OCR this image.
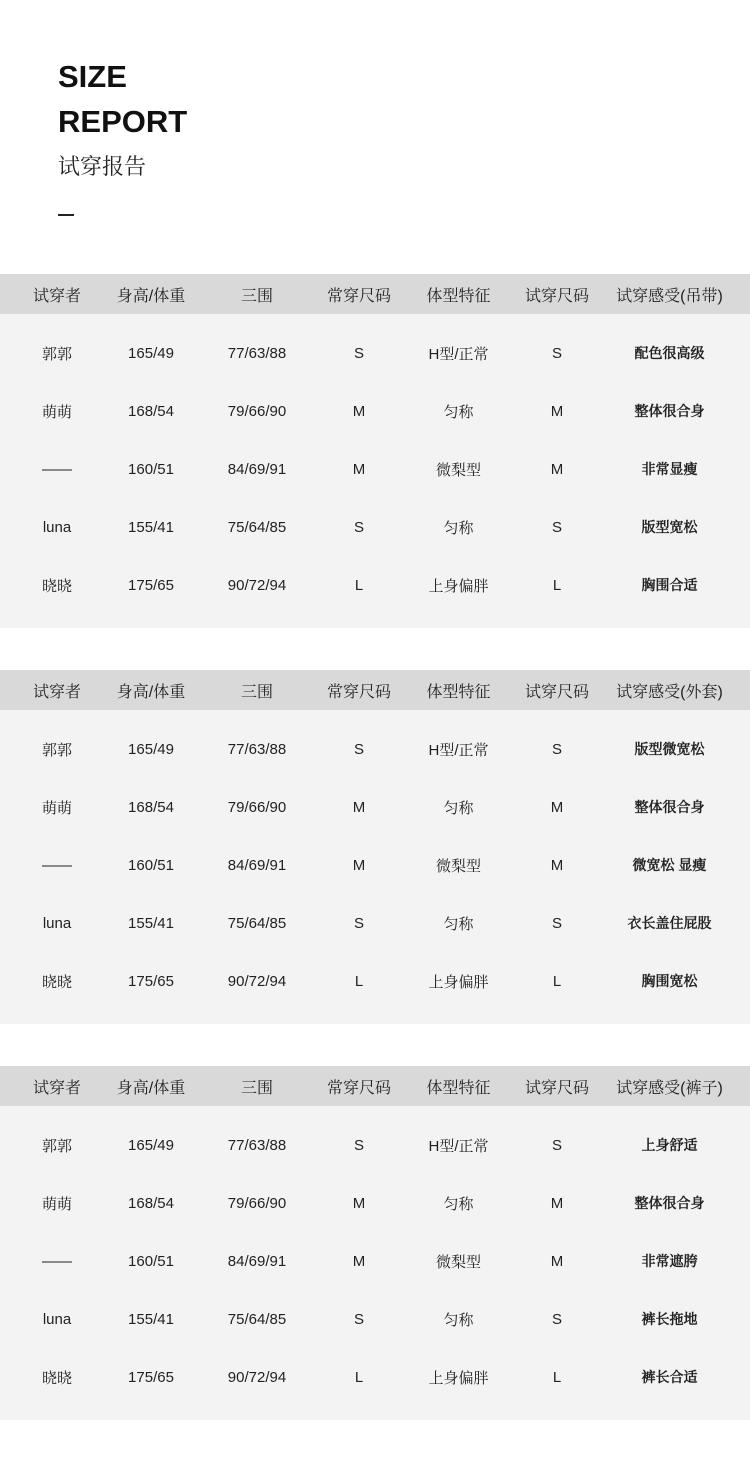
SIZE
REPORT
试穿报告
试穿者	身高/体重	三围	常穿尺码	体型特征	试穿尺码	试穿感受(吊带)
郭郭	165/49	77/63/88	S	H型/正常	S	配色很高级
萌萌	168/54	79/66/90	M	匀称	M	整体很合身
——	160/51	84/69/91	M	微梨型	M	非常显瘦
luna	155/41	75/64/85	S	匀称	S	版型宽松
晓晓	175/65	90/72/94	L	上身偏胖	L	胸围合适
试穿者	身高/体重	三围	常穿尺码	体型特征	试穿尺码	试穿感受(外套)
郭郭	165/49	77/63/88	S	H型/正常	S	版型微宽松
萌萌	168/54	79/66/90	M	匀称	M	整体很合身
——	160/51	84/69/91	M	微梨型	M	微宽松 显瘦
luna	155/41	75/64/85	S	匀称	S	衣长盖住屁股
晓晓	175/65	90/72/94	L	上身偏胖	L	胸围宽松
试穿者	身高/体重	三围	常穿尺码	体型特征	试穿尺码	试穿感受(裤子)
郭郭	165/49	77/63/88	S	H型/正常	S	上身舒适
萌萌	168/54	79/66/90	M	匀称	M	整体很合身
——	160/51	84/69/91	M	微梨型	M	非常遮胯
luna	155/41	75/64/85	S	匀称	S	裤长拖地
晓晓	175/65	90/72/94	L	上身偏胖	L	裤长合适
